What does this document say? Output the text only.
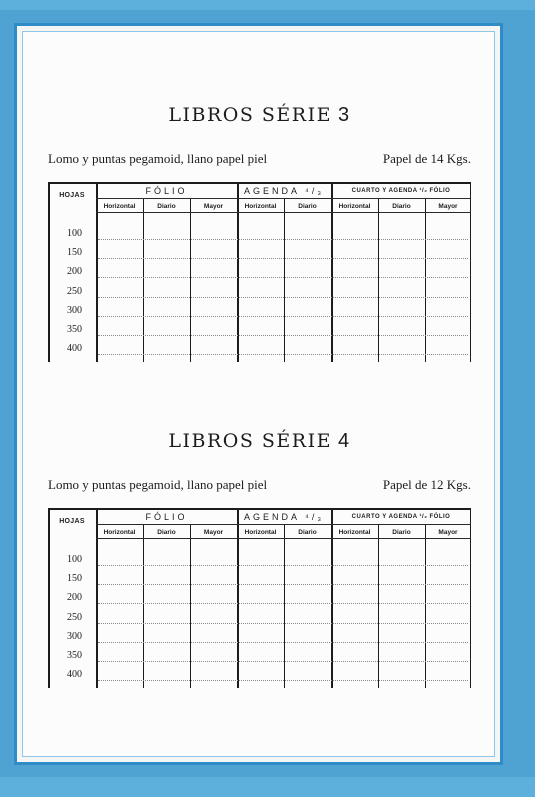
LIBROS SÉRIE 3
Lomo y puntas pegamoid, llano papel piel	Papel de 14 Kgs.
HOJAS	FÓLIO	AGENDA ⁴/₃	CUARTO Y AGENDA ¹/₂ FÓLIO
Horizontal	Diario	Mayor	Horizontal	Diario	Horizontal	Diario	Mayor
100
150
200
250
300
350
400
LIBROS SÉRIE 4
Lomo y puntas pegamoid, llano papel piel	Papel de 12 Kgs.
HOJAS	FÓLIO	AGENDA ⁴/₃	CUARTO Y AGENDA ¹/₂ FÓLIO
Horizontal	Diario	Mayor	Horizontal	Diario	Horizontal	Diario	Mayor
100
150
200
250
300
350
400
